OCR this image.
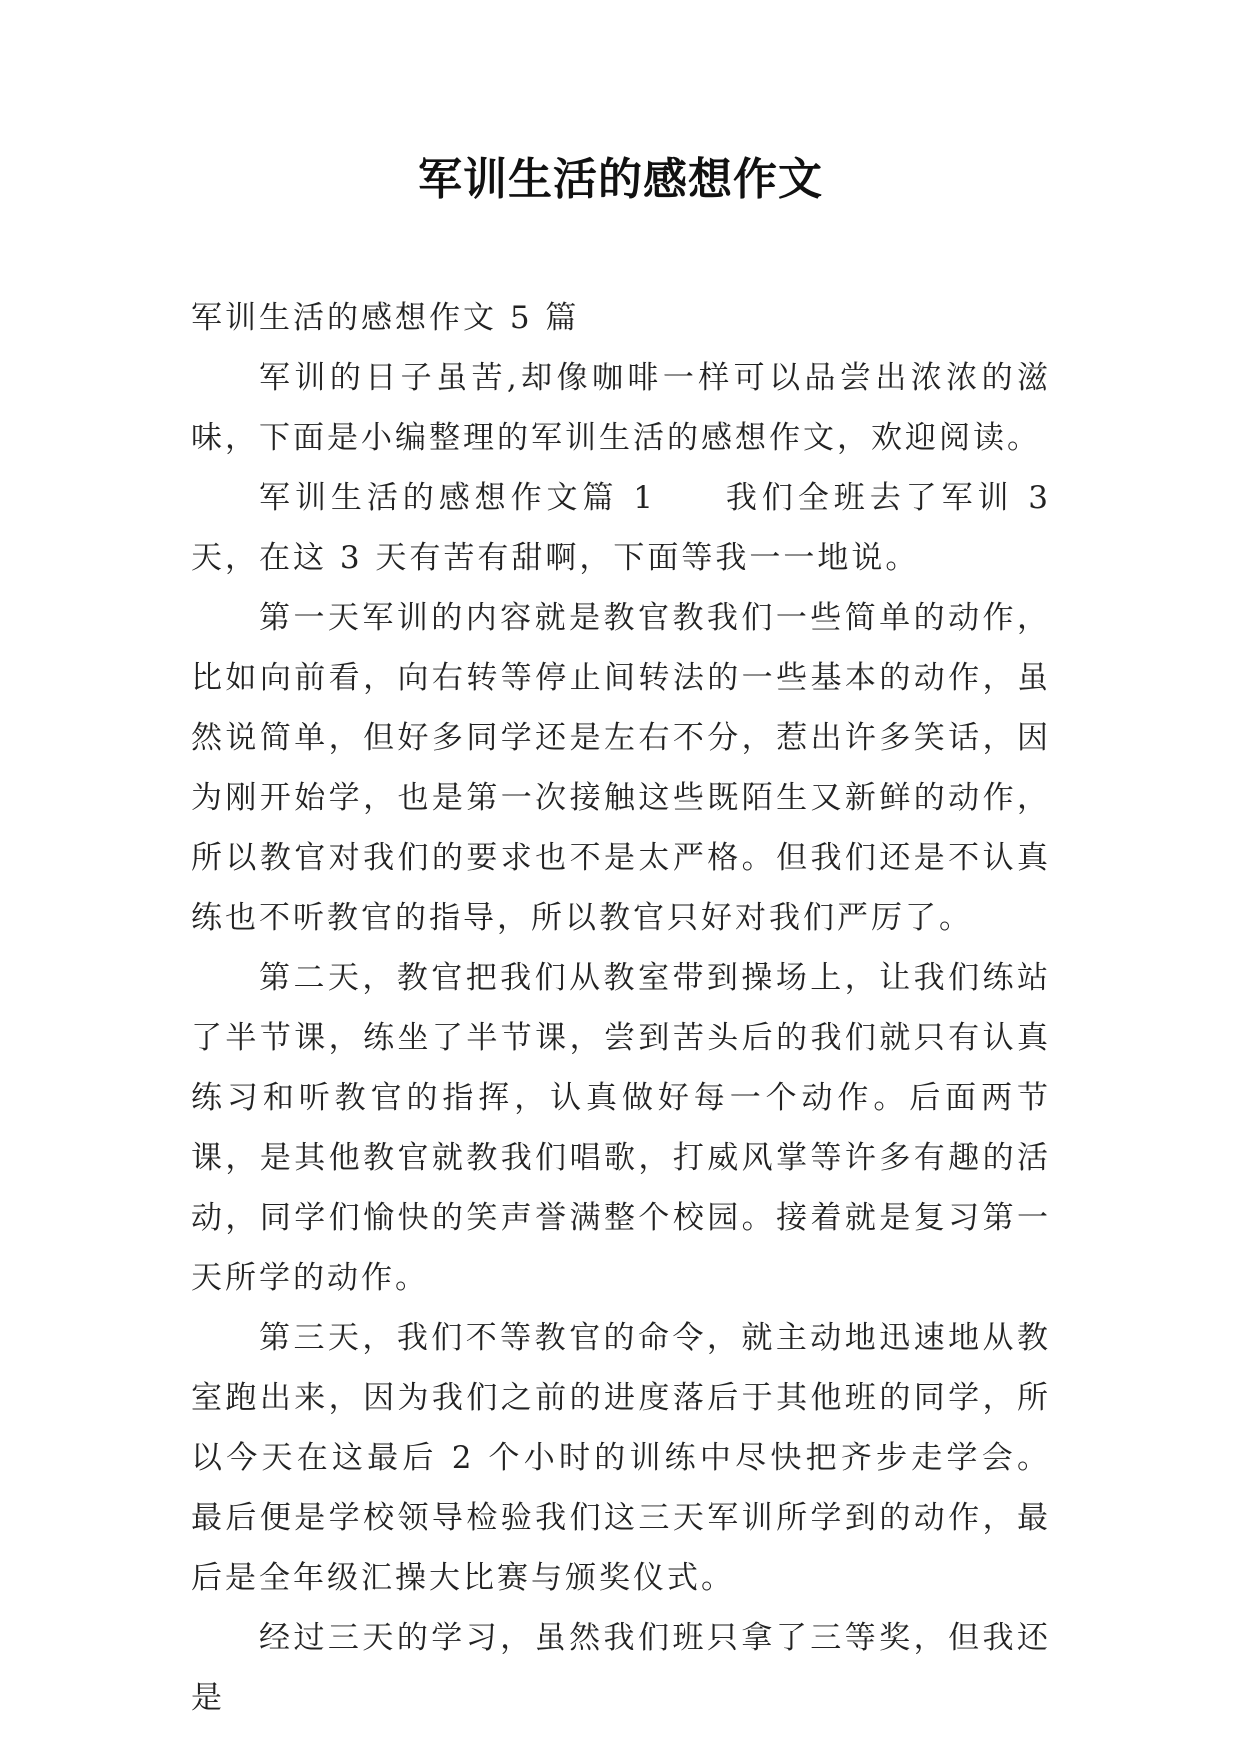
军训生活的感想作文

军训生活的感想作文 5 篇

军训的日子虽苦,却像咖啡一样可以品尝出浓浓的滋味，下面是小编整理的军训生活的感想作文，欢迎阅读。

军训生活的感想作文篇 1 我们全班去了军训 3 天，在这 3 天有苦有甜啊，下面等我一一地说。

第一天军训的内容就是教官教我们一些简单的动作，比如向前看，向右转等停止间转法的一些基本的动作，虽然说简单，但好多同学还是左右不分，惹出许多笑话，因为刚开始学，也是第一次接触这些既陌生又新鲜的动作，所以教官对我们的要求也不是太严格。但我们还是不认真练也不听教官的指导，所以教官只好对我们严厉了。

第二天，教官把我们从教室带到操场上，让我们练站了半节课，练坐了半节课，尝到苦头后的我们就只有认真练习和听教官的指挥，认真做好每一个动作。后面两节课，是其他教官就教我们唱歌，打威风掌等许多有趣的活动，同学们愉快的笑声誉满整个校园。接着就是复习第一天所学的动作。

第三天，我们不等教官的命令，就主动地迅速地从教室跑出来，因为我们之前的进度落后于其他班的同学，所以今天在这最后 2 个小时的训练中尽快把齐步走学会。最后便是学校领导检验我们这三天军训所学到的动作，最后是全年级汇操大比赛与颁奖仪式。

经过三天的学习，虽然我们班只拿了三等奖，但我还是
